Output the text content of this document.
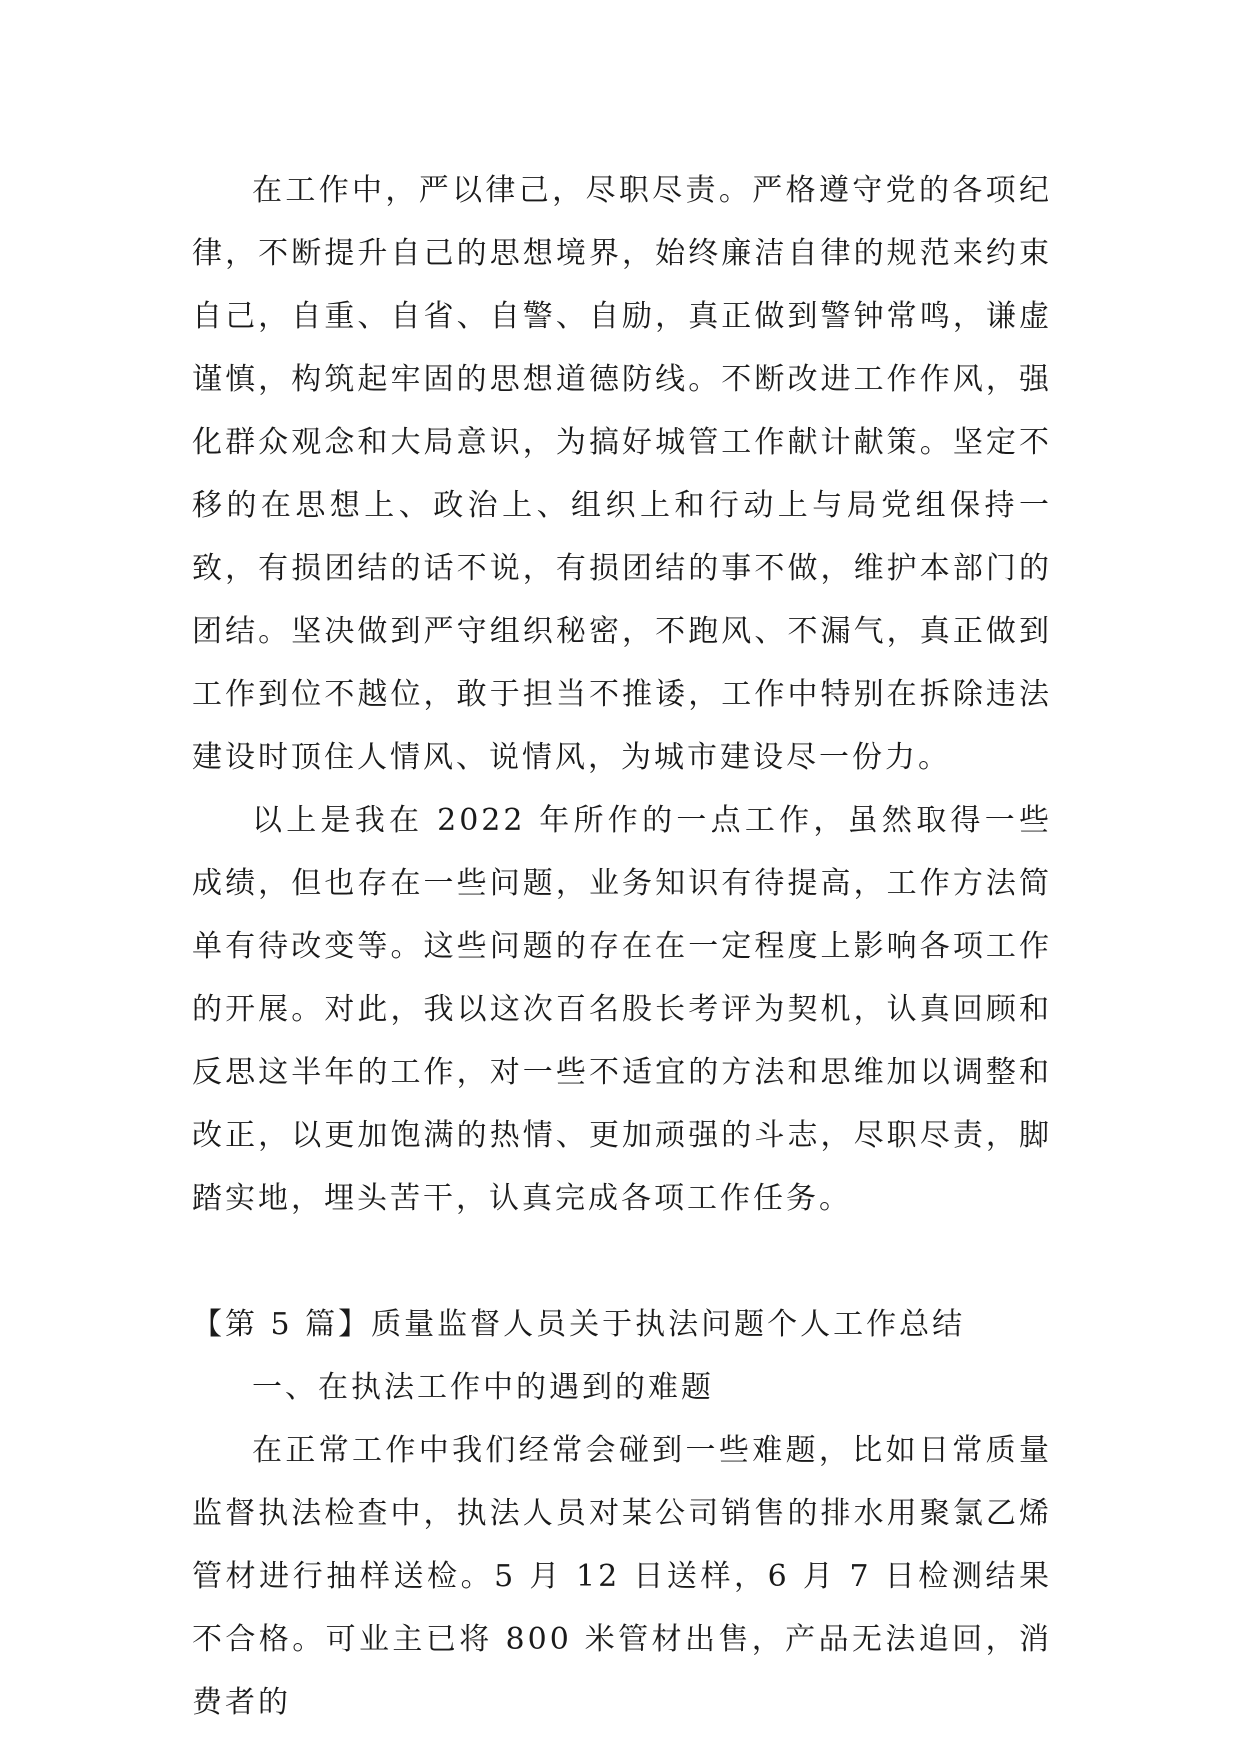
在工作中，严以律己，尽职尽责。严格遵守党的各项纪律，不断提升自己的思想境界，始终廉洁自律的规范来约束自己，自重、自省、自警、自励，真正做到警钟常鸣，谦虚谨慎，构筑起牢固的思想道德防线。不断改进工作作风，强化群众观念和大局意识，为搞好城管工作献计献策。坚定不移的在思想上、政治上、组织上和行动上与局党组保持一致，有损团结的话不说，有损团结的事不做，维护本部门的团结。坚决做到严守组织秘密，不跑风、不漏气，真正做到工作到位不越位，敢于担当不推诿，工作中特别在拆除违法建设时顶住人情风、说情风，为城市建设尽一份力。

以上是我在 2022 年所作的一点工作，虽然取得一些成绩，但也存在一些问题，业务知识有待提高，工作方法简单有待改变等。这些问题的存在在一定程度上影响各项工作的开展。对此，我以这次百名股长考评为契机，认真回顾和反思这半年的工作，对一些不适宜的方法和思维加以调整和改正，以更加饱满的热情、更加顽强的斗志，尽职尽责，脚踏实地，埋头苦干，认真完成各项工作任务。

【第 5 篇】质量监督人员关于执法问题个人工作总结

一、在执法工作中的遇到的难题

在正常工作中我们经常会碰到一些难题，比如日常质量监督执法检查中，执法人员对某公司销售的排水用聚氯乙烯管材进行抽样送检。5 月 12 日送样，6 月 7 日检测结果不合格。可业主已将 800 米管材出售，产品无法追回，消费者的
